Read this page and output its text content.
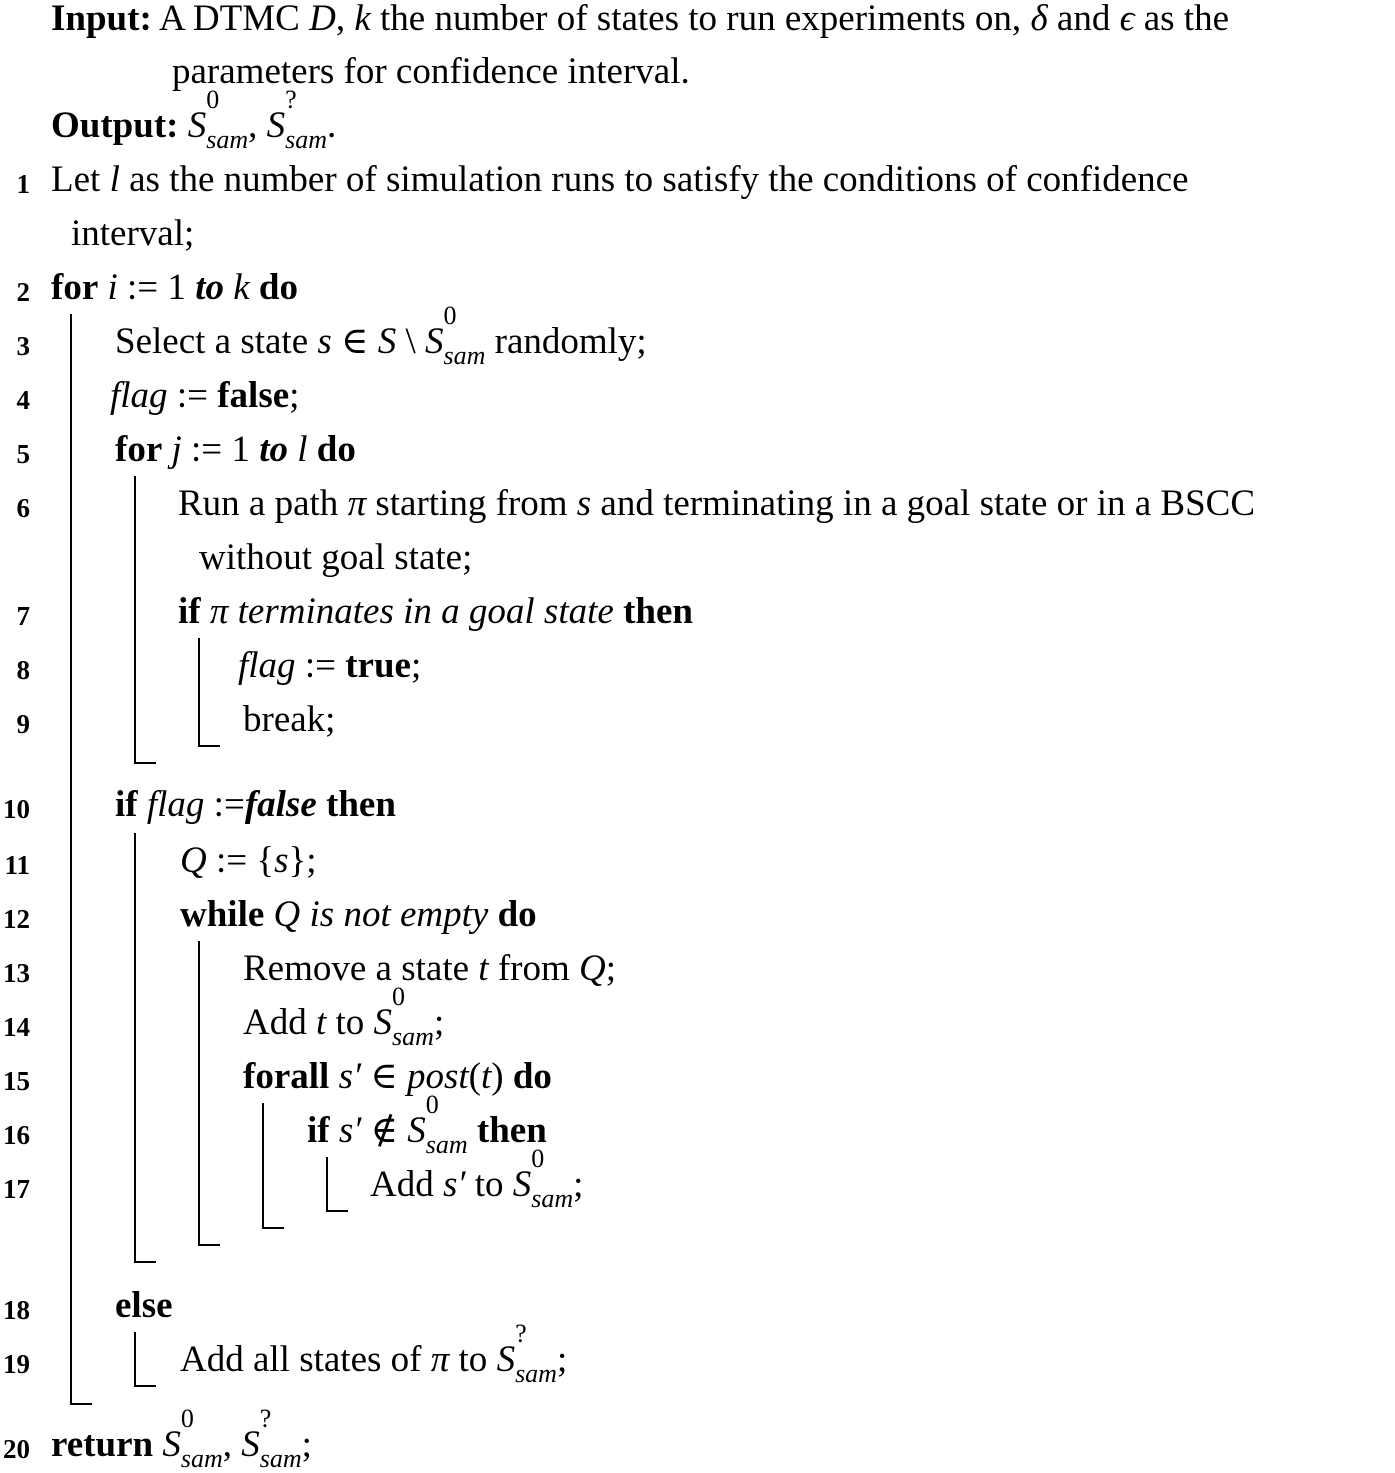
Input: A DTMC D, k the number of states to run experiments on, δ and ϵ as the
parameters for confidence interval.
Output: S
0
sam , S
?
sam .
1
2
3
4
5
6
7
8
9
10
11
12
13
14
15
16
17
18
19
20
Let l as the number of simulation runs to satisfy the conditions of confidence
interval;
for i := 1 to k do
Select a state s ∈ S \ S
0
sam randomly;
flag := false;
for j := 1 to l do
Run a path π starting from s and terminating in a goal state or in a BSCC
without goal state;
if π terminates in a goal state then
flag := true;
break;
if flag :=false then
Q := {s};
while Q is not empty do
Remove a state t from Q;
Add t to S
0
sam ;
forall s′ ∈ post(t) do
if s′ ∉ S
0
sam then
Add s′ to S
0
sam ;
else
Add all states of π to S
?
sam ;
return S
0
sam , S
?
sam ;
